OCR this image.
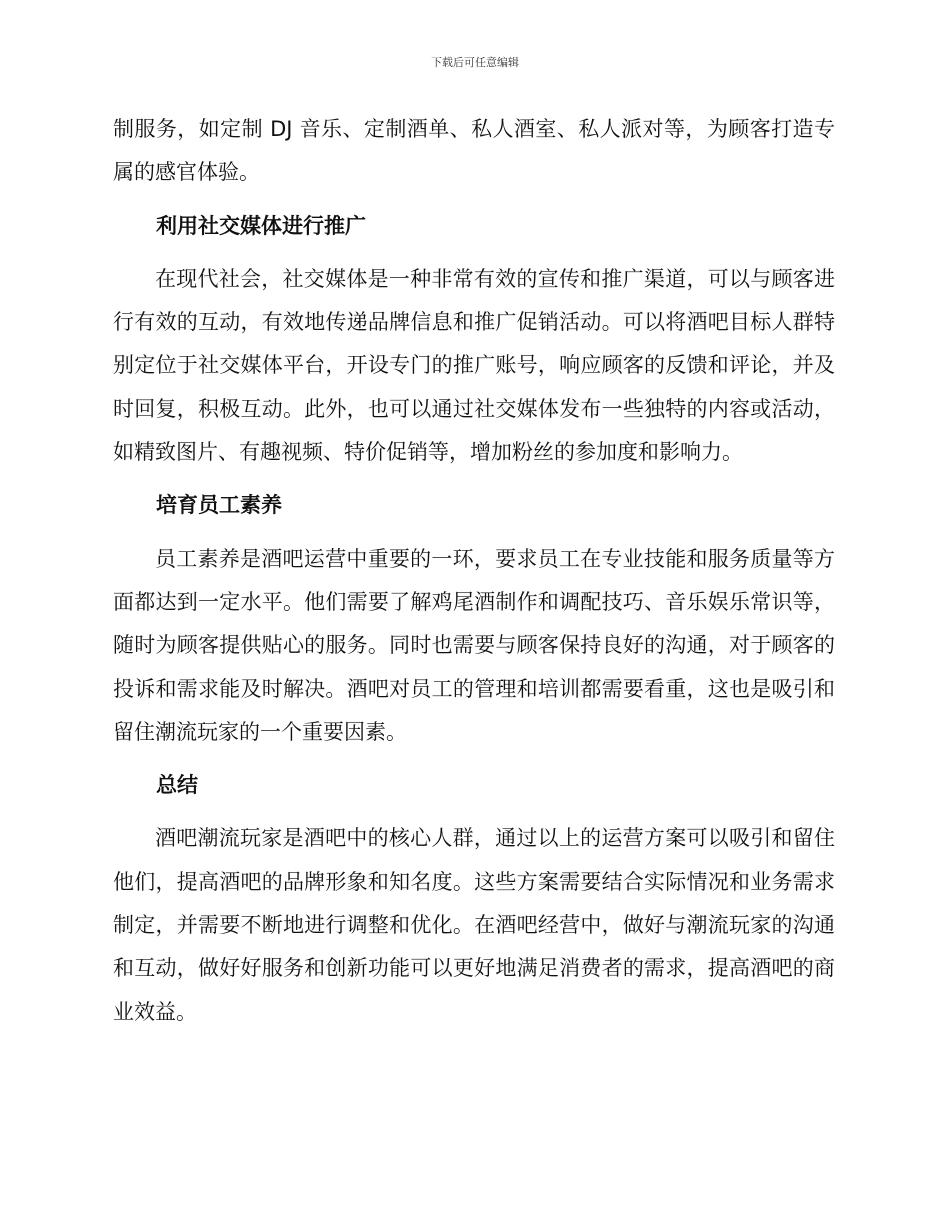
下载后可任意编辑

制服务，如定制 DJ 音乐、定制酒单、私人酒室、私人派对等，为顾客打造专属的感官体验。

利用社交媒体进行推广

在现代社会，社交媒体是一种非常有效的宣传和推广渠道，可以与顾客进行有效的互动，有效地传递品牌信息和推广促销活动。可以将酒吧目标人群特别定位于社交媒体平台，开设专门的推广账号，响应顾客的反馈和评论，并及时回复，积极互动。此外，也可以通过社交媒体发布一些独特的内容或活动，如精致图片、有趣视频、特价促销等，增加粉丝的参加度和影响力。

培育员工素养

员工素养是酒吧运营中重要的一环，要求员工在专业技能和服务质量等方面都达到一定水平。他们需要了解鸡尾酒制作和调配技巧、音乐娱乐常识等，随时为顾客提供贴心的服务。同时也需要与顾客保持良好的沟通，对于顾客的投诉和需求能及时解决。酒吧对员工的管理和培训都需要看重，这也是吸引和留住潮流玩家的一个重要因素。

总结

酒吧潮流玩家是酒吧中的核心人群，通过以上的运营方案可以吸引和留住他们，提高酒吧的品牌形象和知名度。这些方案需要结合实际情况和业务需求制定，并需要不断地进行调整和优化。在酒吧经营中，做好与潮流玩家的沟通和互动，做好好服务和创新功能可以更好地满足消费者的需求，提高酒吧的商业效益。
